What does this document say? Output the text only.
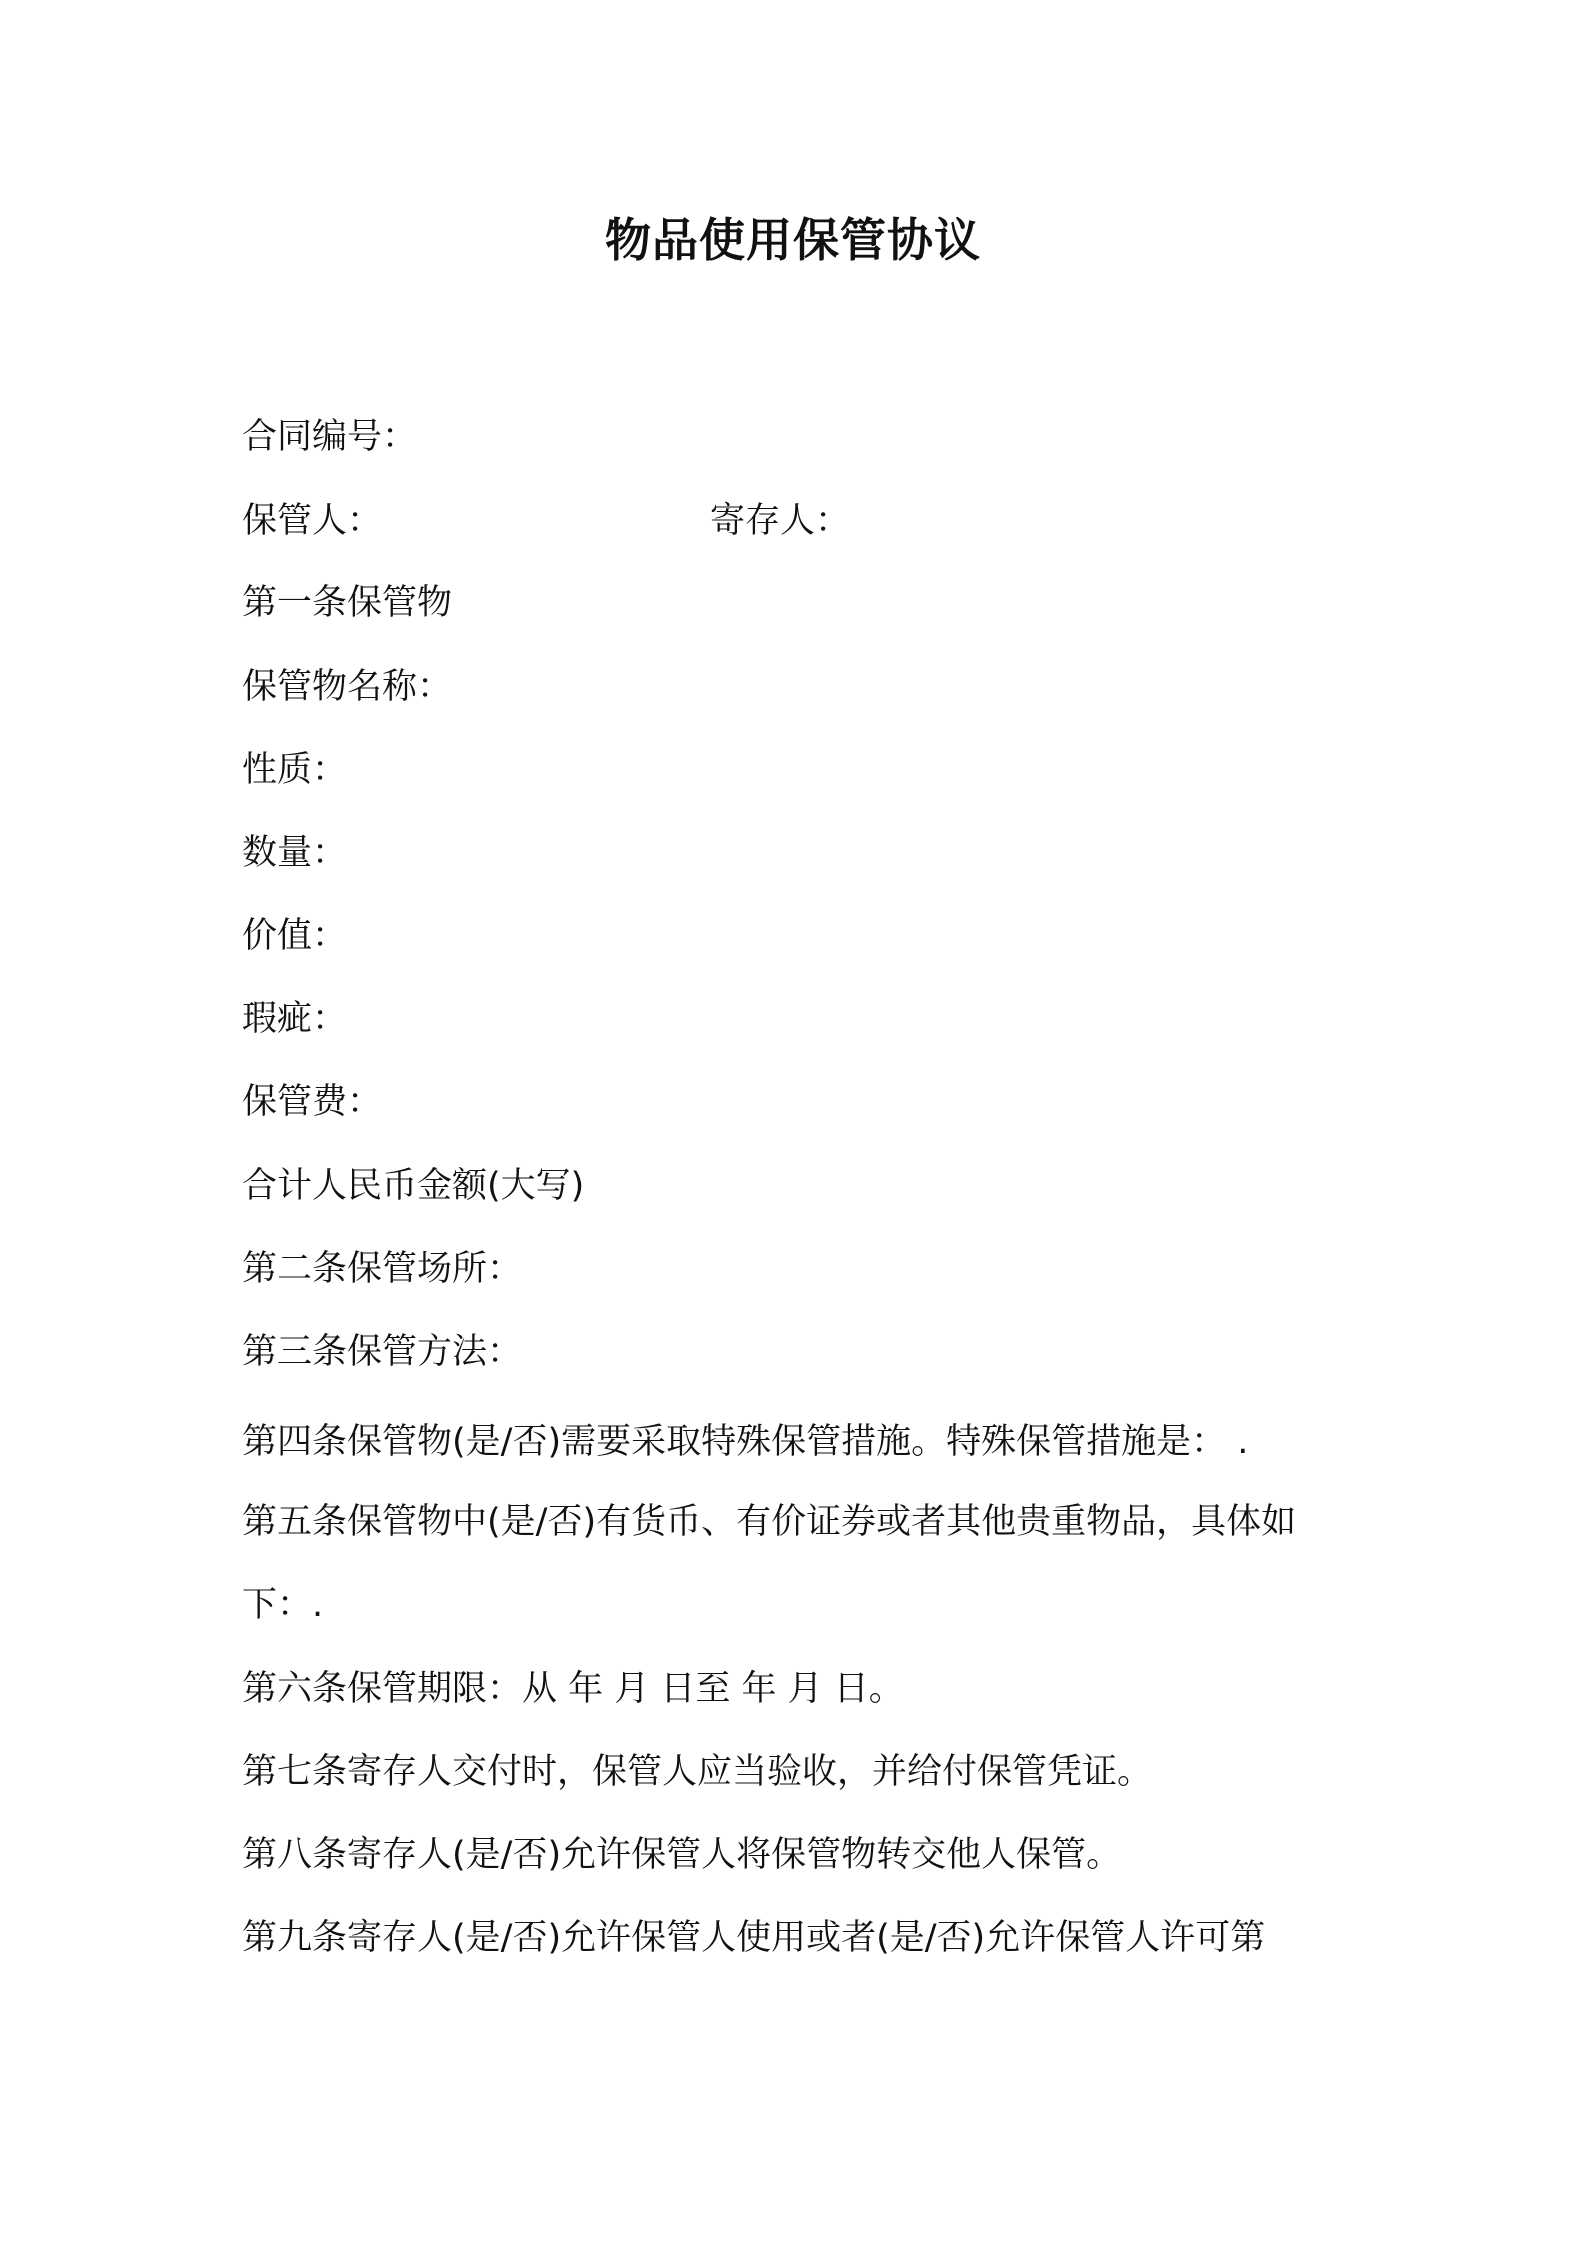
物品使用保管协议
合同编号：
保管人：	寄存人：
第一条保管物
保管物名称：
性质：
数量：
价值：
瑕疵：
保管费：
合计人民币金额(大写)
第二条保管场所：
第三条保管方法：
第四条保管物(是/否)需要采取特殊保管措施。特殊保管措施是： .
第五条保管物中(是/否)有货币、有价证券或者其他贵重物品，具体如
下：.
第六条保管期限：从 年 月 日至 年 月 日。
第七条寄存人交付时，保管人应当验收，并给付保管凭证。
第八条寄存人(是/否)允许保管人将保管物转交他人保管。
第九条寄存人(是/否)允许保管人使用或者(是/否)允许保管人许可第
